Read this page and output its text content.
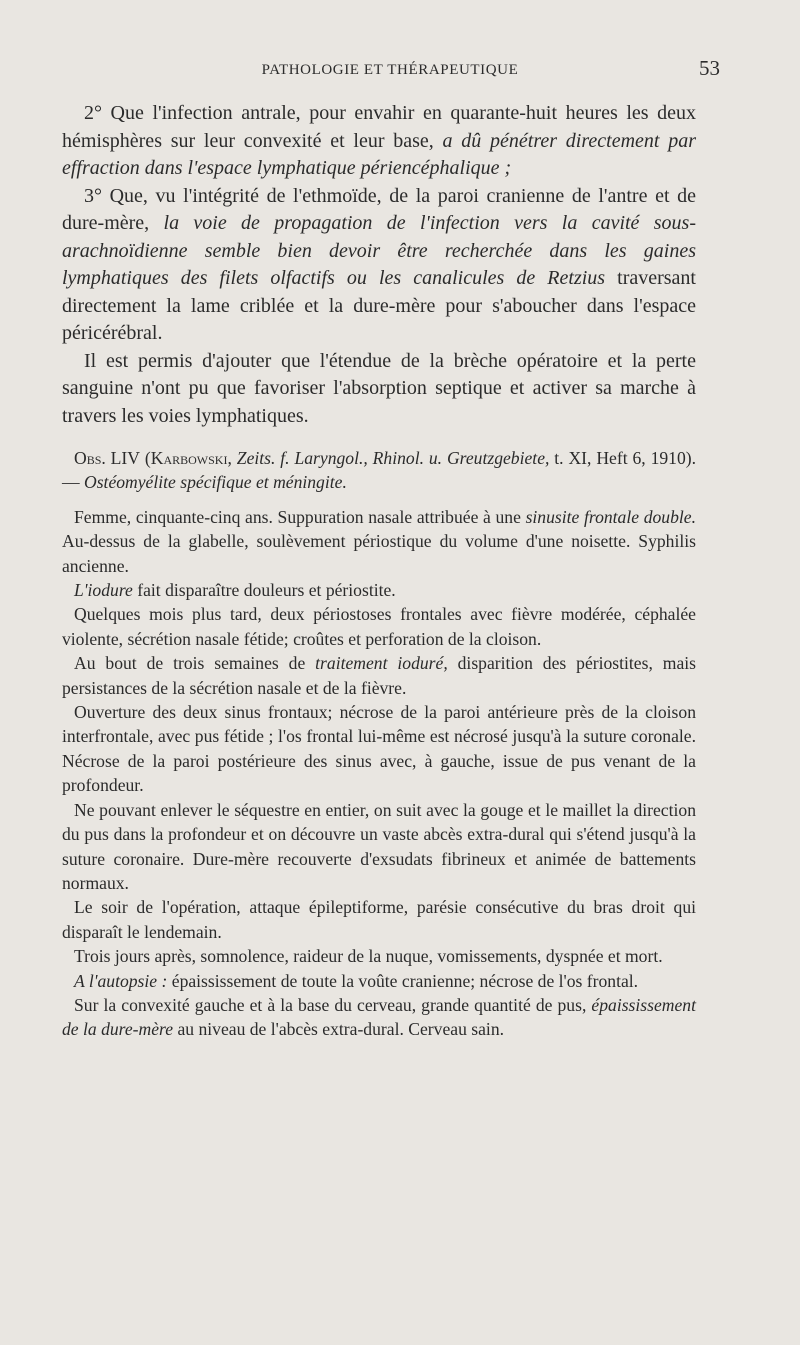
PATHOLOGIE ET THÉRAPEUTIQUE	53

2° Que l'infection antrale, pour envahir en quarante-huit heures les deux hémisphères sur leur convexité et leur base, a dû pénétrer directement par effraction dans l'espace lymphatique périencéphalique ;

3° Que, vu l'intégrité de l'ethmoïde, de la paroi cranienne de l'antre et de dure-mère, la voie de propagation de l'infection vers la cavité sous-arachnoïdienne semble bien devoir être recherchée dans les gaines lymphatiques des filets olfactifs ou les canalicules de Retzius traversant directement la lame criblée et la dure-mère pour s'aboucher dans l'espace péricérébral.

Il est permis d'ajouter que l'étendue de la brèche opératoire et la perte sanguine n'ont pu que favoriser l'absorption septique et activer sa marche à travers les voies lymphatiques.

Obs. LIV (Karbowski, Zeits. f. Laryngol., Rhinol. u. Greutzgebiete, t. XI, Heft 6, 1910). — Ostéomyélite spécifique et méningite.

Femme, cinquante-cinq ans. Suppuration nasale attribuée à une sinusite frontale double. Au-dessus de la glabelle, soulèvement périostique du volume d'une noisette. Syphilis ancienne.

L'iodure fait disparaître douleurs et périostite.

Quelques mois plus tard, deux périostoses frontales avec fièvre modérée, céphalée violente, sécrétion nasale fétide; croûtes et perforation de la cloison.

Au bout de trois semaines de traitement ioduré, disparition des périostites, mais persistances de la sécrétion nasale et de la fièvre.

Ouverture des deux sinus frontaux; nécrose de la paroi antérieure près de la cloison interfrontale, avec pus fétide ; l'os frontal lui-même est nécrosé jusqu'à la suture coronale. Nécrose de la paroi postérieure des sinus avec, à gauche, issue de pus venant de la profondeur.

Ne pouvant enlever le séquestre en entier, on suit avec la gouge et le maillet la direction du pus dans la profondeur et on découvre un vaste abcès extra-dural qui s'étend jusqu'à la suture coronaire. Dure-mère recouverte d'exsudats fibrineux et animée de battements normaux.

Le soir de l'opération, attaque épileptiforme, parésie consécutive du bras droit qui disparaît le lendemain.

Trois jours après, somnolence, raideur de la nuque, vomissements, dyspnée et mort.

A l'autopsie : épaississement de toute la voûte cranienne; nécrose de l'os frontal.

Sur la convexité gauche et à la base du cerveau, grande quantité de pus, épaississement de la dure-mère au niveau de l'abcès extra-dural. Cerveau sain.
